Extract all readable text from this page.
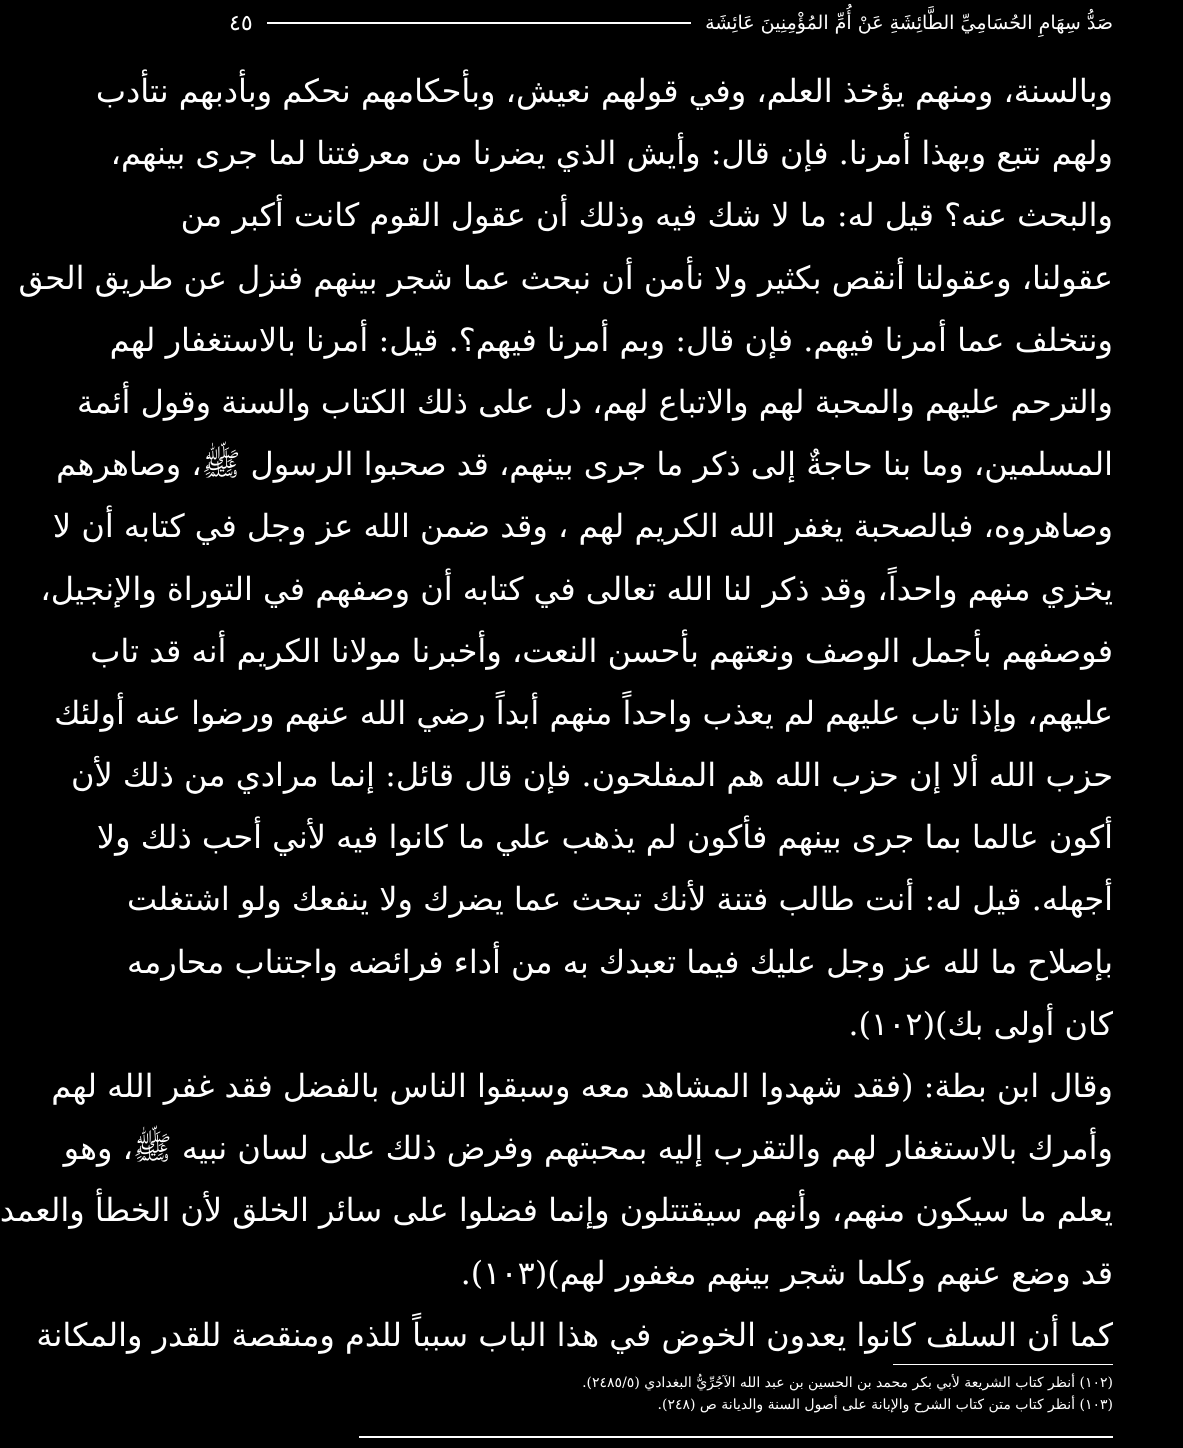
صَدُّ سِهَامِ الحُسَامِيِّ الطَّائِشَةِ عَنْ أُمِّ المُؤْمِنِينَ عَائِشَة
٤٥
وبالسنة، ومنهم يؤخذ العلم، وفي قولهم نعيش، وبأحكامهم نحكم وبأدبهم نتأدب
ولهم نتبع وبهذا أمرنا. فإن قال: وأيش الذي يضرنا من معرفتنا لما جرى بينهم،
والبحث عنه؟ قيل له: ما لا شك فيه وذلك أن عقول القوم كانت أكبر من
عقولنا، وعقولنا أنقص بكثير ولا نأمن أن نبحث عما شجر بينهم فنزل عن طريق الحق
ونتخلف عما أمرنا فيهم. فإن قال: وبم أمرنا فيهم؟. قيل: أمرنا بالاستغفار لهم
والترحم عليهم والمحبة لهم والاتباع لهم، دل على ذلك الكتاب والسنة وقول أئمة
المسلمين، وما بنا حاجةٌ إلى ذكر ما جرى بينهم، قد صحبوا الرسول ﷺ، وصاهرهم
وصاهروه، فبالصحبة يغفر الله الكريم لهم ، وقد ضمن الله عز وجل في كتابه أن لا
يخزي منهم واحداً، وقد ذكر لنا الله تعالى في كتابه أن وصفهم في التوراة والإنجيل،
فوصفهم بأجمل الوصف ونعتهم بأحسن النعت، وأخبرنا مولانا الكريم أنه قد تاب
عليهم، وإذا تاب عليهم لم يعذب واحداً منهم أبداً رضي الله عنهم ورضوا عنه أولئك
حزب الله ألا إن حزب الله هم المفلحون. فإن قال قائل: إنما مرادي من ذلك لأن
أكون عالما بما جرى بينهم فأكون لم يذهب علي ما كانوا فيه لأني أحب ذلك ولا
أجهله. قيل له: أنت طالب فتنة لأنك تبحث عما يضرك ولا ينفعك ولو اشتغلت
بإصلاح ما لله عز وجل عليك فيما تعبدك به من أداء فرائضه واجتناب محارمه
كان أولى بك)(١٠٢).
وقال ابن بطة: (فقد شهدوا المشاهد معه وسبقوا الناس بالفضل فقد غفر الله لهم
وأمرك بالاستغفار لهم والتقرب إليه بمحبتهم وفرض ذلك على لسان نبيه ﷺ، وهو
يعلم ما سيكون منهم، وأنهم سيقتتلون وإنما فضلوا على سائر الخلق لأن الخطأ والعمد
قد وضع عنهم وكلما شجر بينهم مغفور لهم)(١٠٣).
كما أن السلف كانوا يعدون الخوض في هذا الباب سبباً للذم ومنقصة للقدر والمكانة
(١٠٢) أنظر كتاب الشريعة لأبي بكر محمد بن الحسين بن عبد الله الآجُرِّيُّ البغدادي (٢٤٨٥/٥).
(١٠٣) أنظر كتاب متن كتاب الشرح والإبانة على أصول السنة والديانة ص (٢٤٨).
